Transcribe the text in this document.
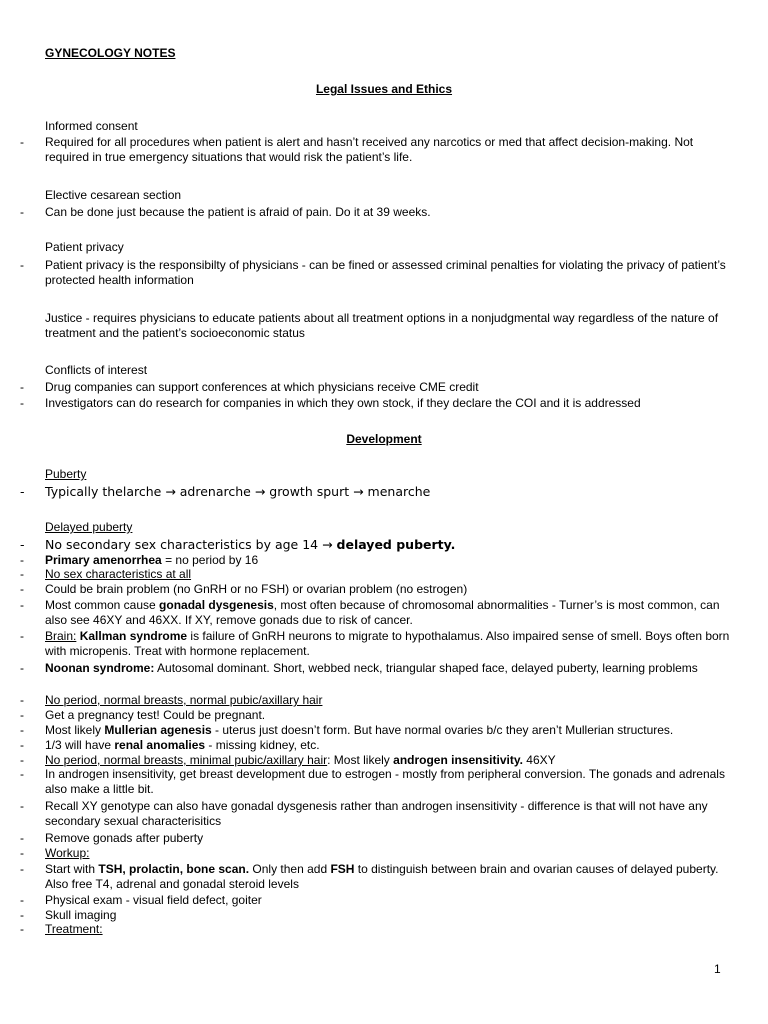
GYNECOLOGY NOTES
Legal Issues and Ethics
Informed consent
- Required for all procedures when patient is alert and hasn’t received any narcotics or med that affect decision-making. Not required in true emergency situations that would risk the patient’s life.
Elective cesarean section
- Can be done just because the patient is afraid of pain. Do it at 39 weeks.
Patient privacy
- Patient privacy is the responsibilty of physicians - can be fined or assessed criminal penalties for violating the privacy of patient’s protected health information
Justice - requires physicians to educate patients about all treatment options in a nonjudgmental way regardless of the nature of treatment and the patient’s socioeconomic status
Conflicts of interest
- Drug companies can support conferences at which physicians receive CME credit
- Investigators can do research for companies in which they own stock, if they declare the COI and it is addressed
Development
Puberty
- Typically thelarche → adrenarche → growth spurt → menarche
Delayed puberty
- No secondary sex characteristics by age 14 → delayed puberty.
- Primary amenorrhea = no period by 16
- No sex characteristics at all
- Could be brain problem (no GnRH or no FSH) or ovarian problem (no estrogen)
- Most common cause gonadal dysgenesis, most often because of chromosomal abnormalities - Turner’s is most common, can also see 46XY and 46XX. If XY, remove gonads due to risk of cancer.
- Brain: Kallman syndrome is failure of GnRH neurons to migrate to hypothalamus. Also impaired sense of smell. Boys often born with micropenis. Treat with hormone replacement.
- Noonan syndrome: Autosomal dominant. Short, webbed neck, triangular shaped face, delayed puberty, learning problems
- No period, normal breasts, normal pubic/axillary hair
- Get a pregnancy test! Could be pregnant.
- Most likely Mullerian agenesis - uterus just doesn’t form. But have normal ovaries b/c they aren’t Mullerian structures.
- 1/3 will have renal anomalies - missing kidney, etc.
- No period, normal breasts, minimal pubic/axillary hair: Most likely androgen insensitivity. 46XY
- In androgen insensitivity, get breast development due to estrogen - mostly from peripheral conversion. The gonads and adrenals also make a little bit.
- Recall XY genotype can also have gonadal dysgenesis rather than androgen insensitivity - difference is that will not have any secondary sexual characterisitics
- Remove gonads after puberty
- Workup:
- Start with TSH, prolactin, bone scan. Only then add FSH to distinguish between brain and ovarian causes of delayed puberty. Also free T4, adrenal and gonadal steroid levels
- Physical exam - visual field defect, goiter
- Skull imaging
- Treatment:
1
